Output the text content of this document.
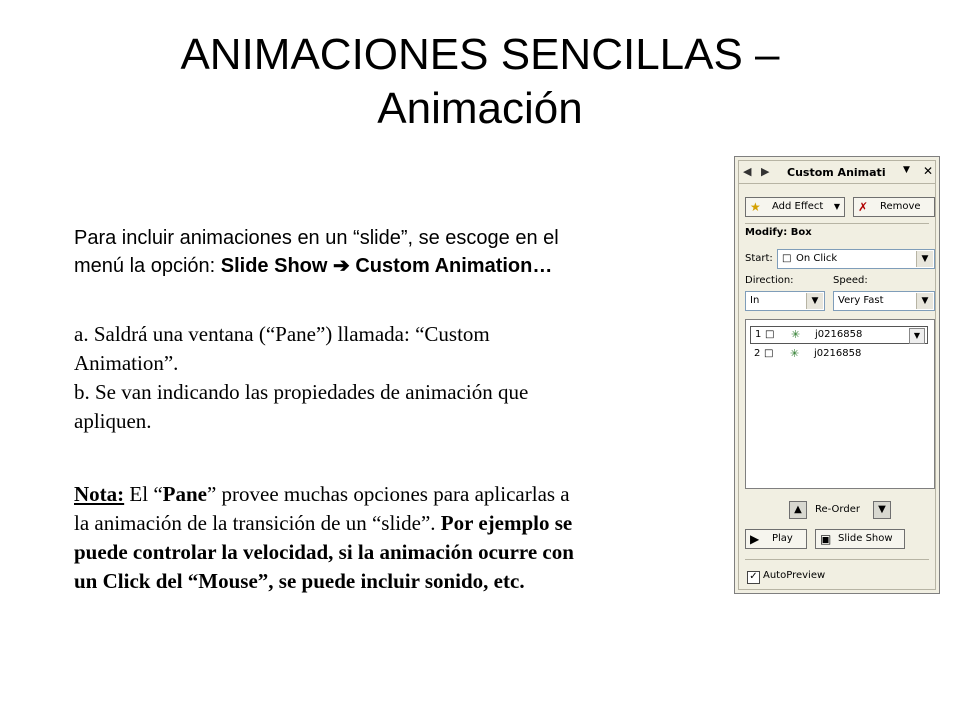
ANIMACIONES SENCILLAS –
Animación
Para incluir animaciones en un “slide”, se escoge en el
menú la opción: Slide Show ➔ Custom Animation…
a. Saldrá una ventana (“Pane”) llamada: “Custom
Animation”.
b. Se van indicando las propiedades de animación que
apliquen.
Nota: El “Pane” provee muchas opciones para aplicarlas a
la animación de la transición de un “slide”. Por ejemplo se
puede controlar la velocidad, si la animación ocurre con
un Click del “Mouse”, se puede incluir sonido, etc.
◀ ▶ Custom Animati ▼ ✕
★ Add Effect ▼ ✗ Remove
Modify: Box
Start: □ On Click	▼
Direction:	Speed:
In	▼	Very Fast	▼
1 □ ✳ j0216858	▼
2 □ ✳ j0216858
▲	Re-Order	▼
▶ Play ▣ Slide Show
✓ AutoPreview
